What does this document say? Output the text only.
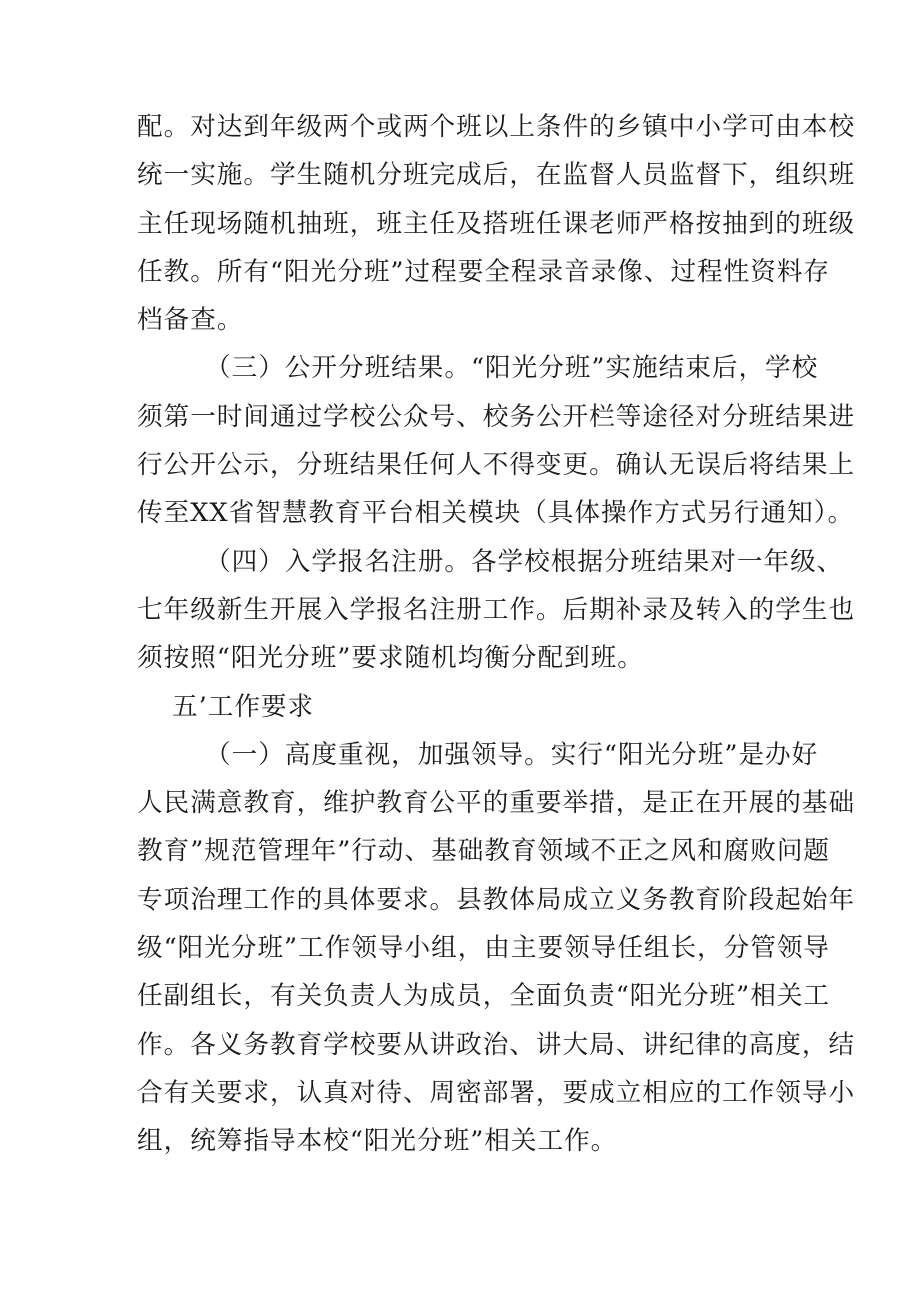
配。对达到年级两个或两个班以上条件的乡镇中小学可由本校
统一实施。学生随机分班完成后，在监督人员监督下，组织班
主任现场随机抽班，班主任及搭班任课老师严格按抽到的班级
任教。所有“阳光分班”过程要全程录音录像、过程性资料存
档备查。
（三）公开分班结果。“阳光分班”实施结束后，学校
须第一时间通过学校公众号、校务公开栏等途径对分班结果进
行公开公示，分班结果任何人不得变更。确认无误后将结果上
传至XX省智慧教育平台相关模块（具体操作方式另行通知）。
（四）入学报名注册。各学校根据分班结果对一年级、
七年级新生开展入学报名注册工作。后期补录及转入的学生也
须按照“阳光分班”要求随机均衡分配到班。
五’工作要求
（一）高度重视，加强领导。实行“阳光分班”是办好
人民满意教育，维护教育公平的重要举措，是正在开展的基础
教育”规范管理年”行动、基础教育领域不正之风和腐败问题
专项治理工作的具体要求。县教体局成立义务教育阶段起始年
级“阳光分班”工作领导小组，由主要领导任组长，分管领导
任副组长，有关负责人为成员，全面负责“阳光分班”相关工
作。各义务教育学校要从讲政治、讲大局、讲纪律的高度，结
合有关要求，认真对待、周密部署，要成立相应的工作领导小
组，统筹指导本校“阳光分班”相关工作。
